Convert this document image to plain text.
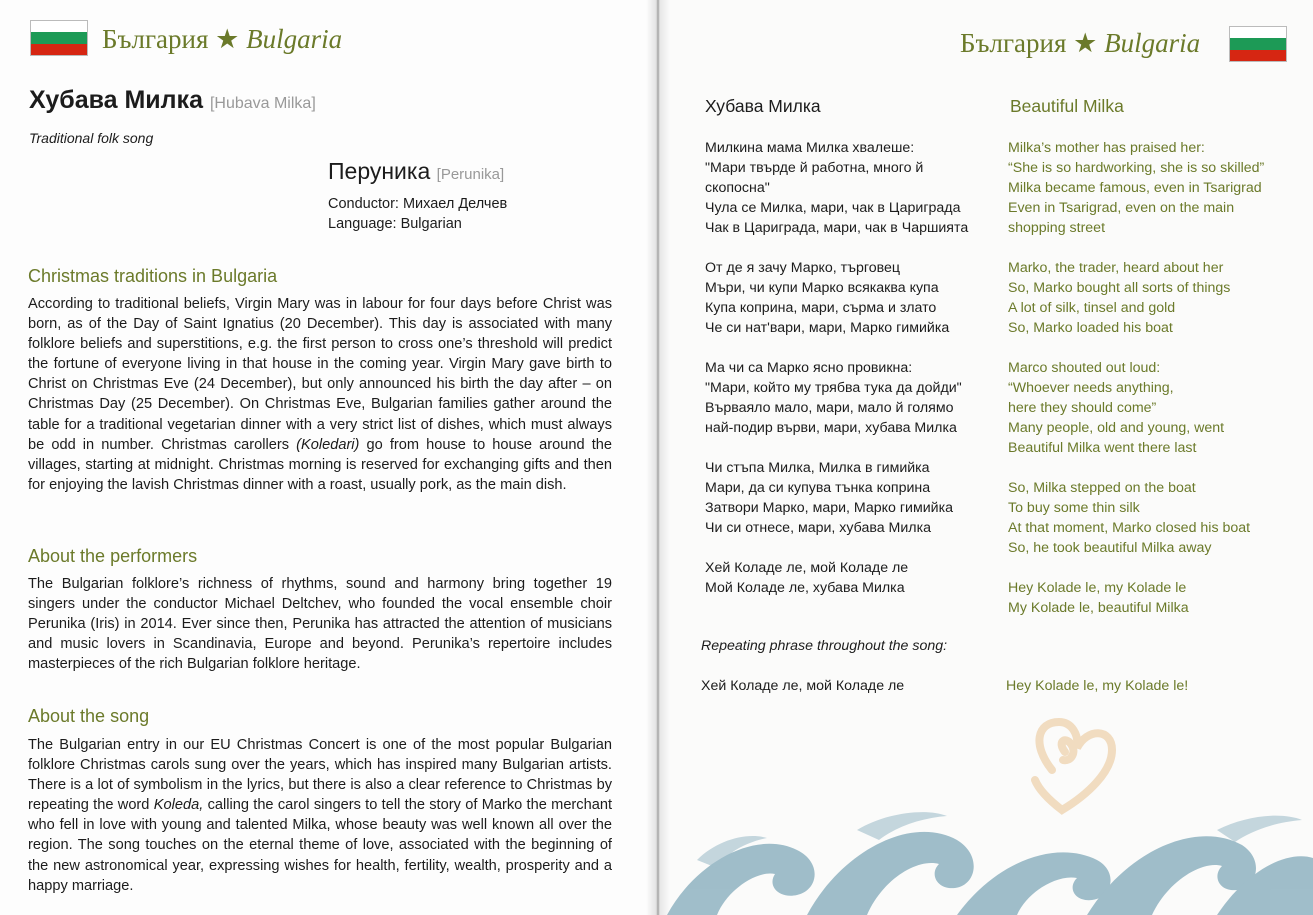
България ★ Bulgaria
Хубава Милка [Hubava Milka]
Traditional folk song
Перуника [Perunika]
Conductor: Михаел Делчев
Language: Bulgarian
Christmas traditions in Bulgaria

According to traditional beliefs, Virgin Mary was in labour for four days before Christ was born, as of the Day of Saint Ignatius (20 December). This day is associated with many folklore beliefs and superstitions, e.g. the first person to cross one’s threshold will predict the fortune of everyone living in that house in the coming year. Virgin Mary gave birth to Christ on Christmas Eve (24 December), but only announced his birth the day after – on Christmas Day (25 December). On Christmas Eve, Bulgarian families gather around the table for a traditional vegetarian dinner with a very strict list of dishes, which must always be odd in number. Christmas carollers (Koledari) go from house to house around the villages, starting at midnight. Christmas morning is reserved for exchanging gifts and then for enjoying the lavish Christmas dinner with a roast, usually pork, as the main dish.

About the performers

The Bulgarian folklore’s richness of rhythms, sound and harmony bring together 19 singers under the conductor Michael Deltchev, who founded the vocal ensemble choir Perunika (Iris) in 2014. Ever since then, Perunika has attracted the attention of musicians and music lovers in Scandinavia, Europe and beyond. Perunika’s repertoire includes masterpieces of the rich Bulgarian folklore heritage.

About the song

The Bulgarian entry in our EU Christmas Concert is one of the most popular Bulgarian folklore Christmas carols sung over the years, which has inspired many Bulgarian artists. There is a lot of symbolism in the lyrics, but there is also a clear reference to Christmas by repeating the word Koleda, calling the carol singers to tell the story of Marko the merchant who fell in love with young and talented Milka, whose beauty was well known all over the region. The song touches on the eternal theme of love, associated with the beginning of the new astronomical year, expressing wishes for health, fertility, wealth, prosperity and a happy marriage.

България ★ Bulgaria
Хубава Милка	Beautiful Milka
Милкина мама Милка хвалеше:
"Мари твърде й работна, много й
скопосна"
Чула се Милка, мари, чак в Цариграда
Чак в Цариграда, мари, чак в Чаршията

От де я зачу Марко, търговец
Мъри, чи купи Марко всякаква купа
Купа коприна, мари, сърма и злато
Че си нат'вари, мари, Марко гимийка

Ма чи са Марко ясно провикна:
"Мари, който му трябва тука да дойди"
Върваяло мало, мари, мало й голямо
най-подир върви, мари, хубава Милка

Чи стъпа Милка, Милка в гимийка
Мари, да си купува тънка коприна
Затвори Марко, мари, Марко гимийка
Чи си отнесе, мари, хубава Милка

Хей Коладе ле, мой Коладе ле
Мой Коладе ле, хубава Милка
Milka’s mother has praised her:
“She is so hardworking, she is so skilled”
Milka became famous, even in Tsarigrad
Even in Tsarigrad, even on the main
shopping street

Marko, the trader, heard about her
So, Marko bought all sorts of things
A lot of silk, tinsel and gold
So, Marko loaded his boat

Marco shouted out loud:
“Whoever needs anything,
here they should come”
Many people, old and young, went
Beautiful Milka went there last

So, Milka stepped on the boat
To buy some thin silk
At that moment, Marko closed his boat
So, he took beautiful Milka away

Hey Kolade le, my Kolade le
My Kolade le, beautiful Milka
Repeating phrase throughout the song:
Хей Коладе ле, мой Коладе ле	Hey Kolade le, my Kolade le!
